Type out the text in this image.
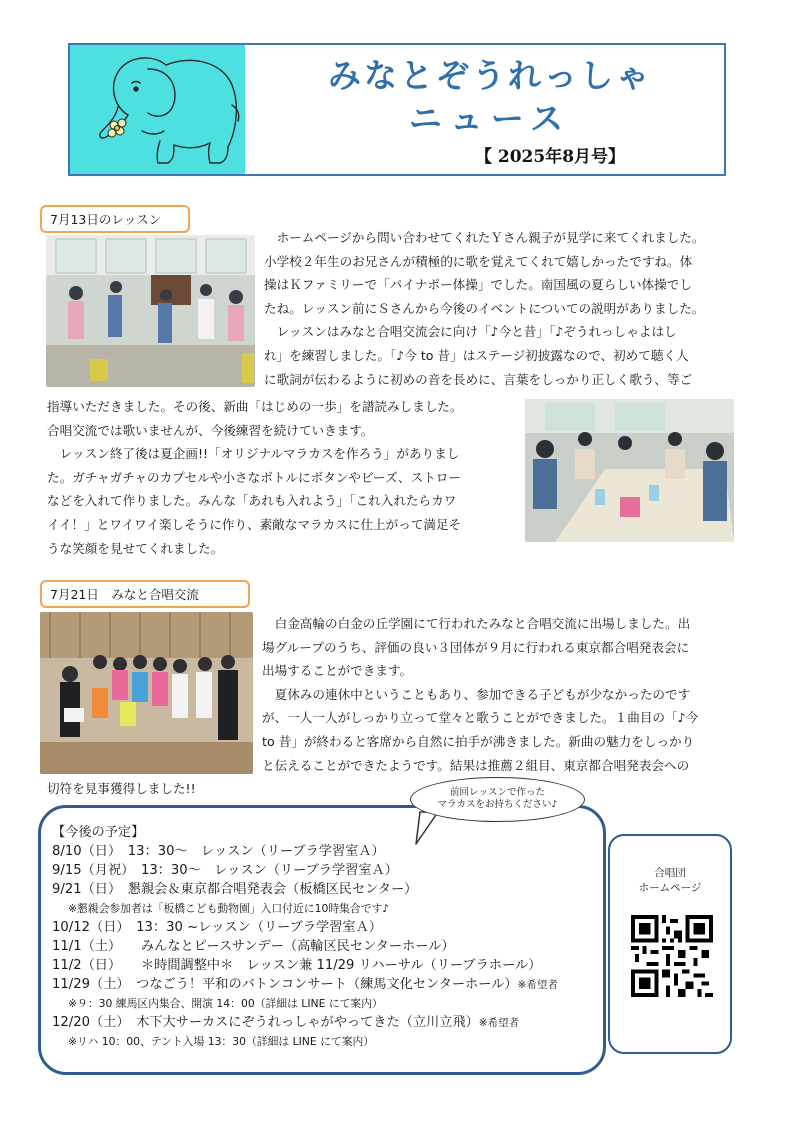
みなとぞうれっしゃ
ニュース
【 2025年8月号】
7月13日のレッスン
　ホームページから問い合わせてくれたＹさん親子が見学に来てくれました。
小学校２年生のお兄さんが積極的に歌を覚えてくれて嬉しかったですね。体
操はＫファミリーで「パイナポー体操」でした。南国風の夏らしい体操でし
たね。レッスン前にＳさんから今後のイベントについての説明がありました。
　レッスンはみなと合唱交流会に向け「♪今と昔」「♪ぞうれっしゃよはし
れ」を練習しました。「♪今 to 昔」はステージ初披露なので、初めて聴く人
に歌詞が伝わるように初めの音を長めに、言葉をしっかり正しく歌う、等ご
指導いただきました。その後、新曲「はじめの一歩」を譜読みしました。
合唱交流では歌いませんが、今後練習を続けていきます。
　レッスン終了後は夏企画!!「オリジナルマラカスを作ろう」がありまし
た。ガチャガチャのカプセルや小さなボトルにボタンやビーズ、ストロー
などを入れて作りました。みんな「あれも入れよう」「これ入れたらカワ
イイ！」とワイワイ楽しそうに作り、素敵なマラカスに仕上がって満足そ
うな笑顔を見せてくれました。
7月21日　みなと合唱交流
　白金高輪の白金の丘学園にて行われたみなと合唱交流に出場しました。出
場グループのうち、評価の良い３団体が９月に行われる東京都合唱発表会に
出場することができます。
　夏休みの連休中ということもあり、参加できる子どもが少なかったのです
が、一人一人がしっかり立って堂々と歌うことができました。１曲目の「♪今
to 昔」が終わると客席から自然に拍手が沸きました。新曲の魅力をしっかり
と伝えることができたようです。結果は推薦２組目、東京都合唱発表会への
切符を見事獲得しました!!	前回レッスンで作った
マラカスをお持ちください♪
【今後の予定】
8/10（日）　13：30～　レッスン（リーブラ学習室Ａ）
9/15（月祝）　13：30～　レッスン（リーブラ学習室Ａ）
9/21（日）　懇親会＆東京都合唱発表会（板橋区民センター）
※懇親会参加者は「板橋こども動物園」入口付近に10時集合です♪
10/12（日）　13：30 ~レッスン（リーブラ学習室Ａ）
11/1（土）　　みんなとピースサンデー（高輪区民センターホール）
11/2（日）　　＊時間調整中＊　レッスン兼 11/29 リハーサル（リーブラホール）
11/29（土）　つなごう！平和のバトンコンサート（練馬文化センターホール）※希望者
※９：30 練馬区内集合、開演 14：00（詳細は LINE にて案内）
12/20（土）　木下大サーカスにぞうれっしゃがやってきた（立川立飛）※希望者
※リハ 10：00、テント入場 13：30（詳細は LINE にて案内）
合唱団
ホームページ
